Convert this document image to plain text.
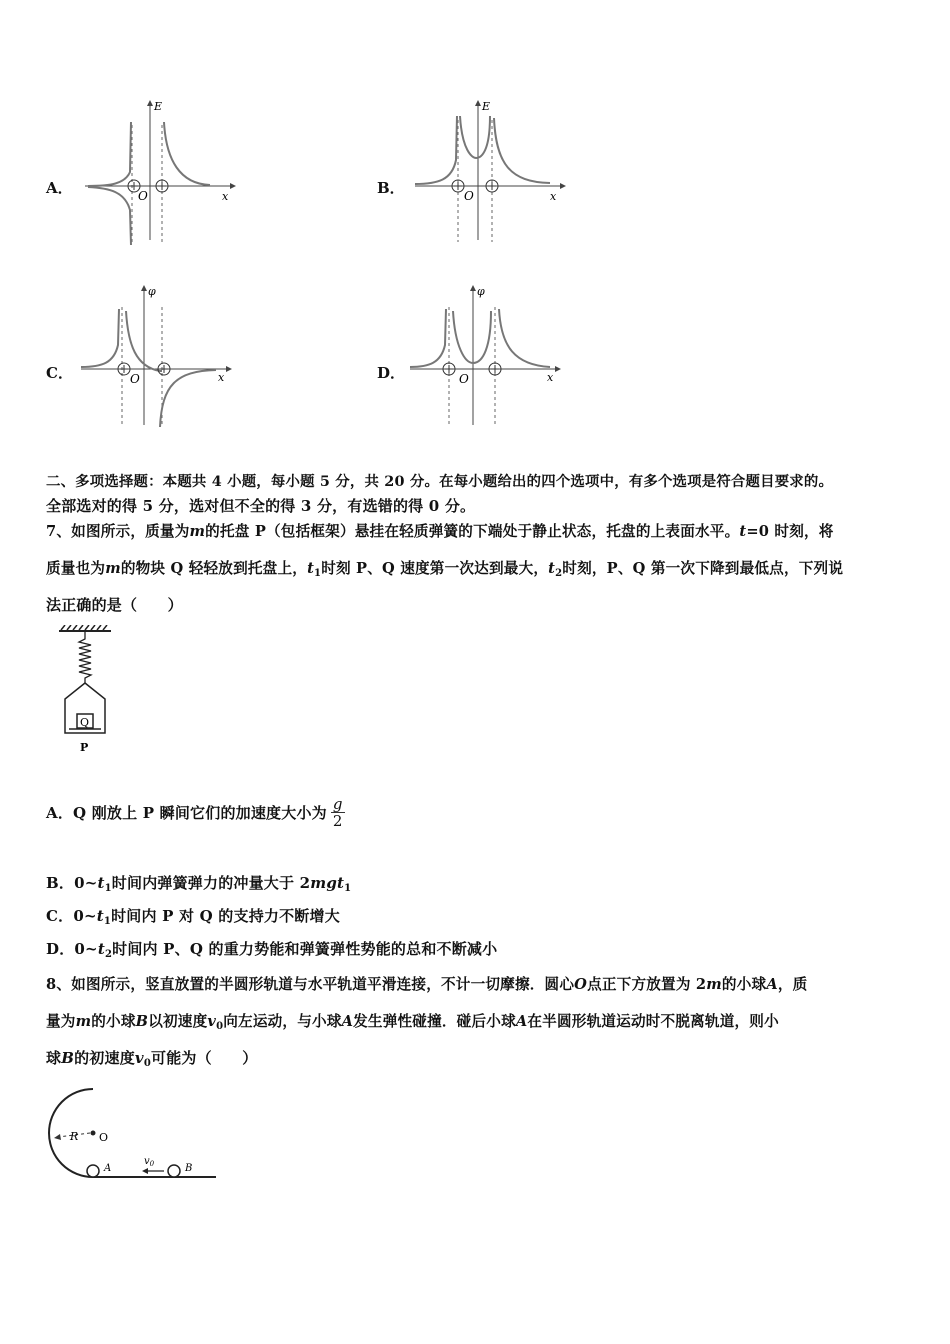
A．
E
O	x	B．
E
O	x
C．
φ
O	x	D．
φ
O	x
二、多项选择题：本题共 4 小题，每小题 5 分，共 20 分。在每小题给出的四个选项中，有多个选项是符合题目要求的。
全部选对的得 5 分，选对但不全的得 3 分，有选错的得 0 分。
7、如图所示，质量为m的托盘 P（包括框架）悬挂在轻质弹簧的下端处于静止状态，托盘的上表面水平。t=0 时刻，将
质量也为m的物块 Q 轻轻放到托盘上，$t_1$时刻 P、Q 速度第一次达到最大，$t_2$时刻，P、Q 第一次下降到最低点，下列说
法正确的是（　　）
Q
P
A．Q 刚放上 P 瞬间它们的加速度大小为 $\frac{g}{2}$
B．$0\sim t_1$时间内弹簧弹力的冲量大于 2mgt$_1$
C．$0\sim t_1$时间内 P 对 Q 的支持力不断增大
D．$0\sim t_2$时间内 P、Q 的重力势能和弹簧弹性势能的总和不断减小
8、如图所示，竖直放置的半圆形轨道与水平轨道平滑连接，不计一切摩擦．圆心O点正下方放置为 2m的小球A，质
量为m的小球B以初速度$v_0$向左运动，与小球A发生弹性碰撞．碰后小球A在半圆形轨道运动时不脱离轨道，则小
球B的初速度$v_0$可能为（　　）
R O
A	B
$v_0$
